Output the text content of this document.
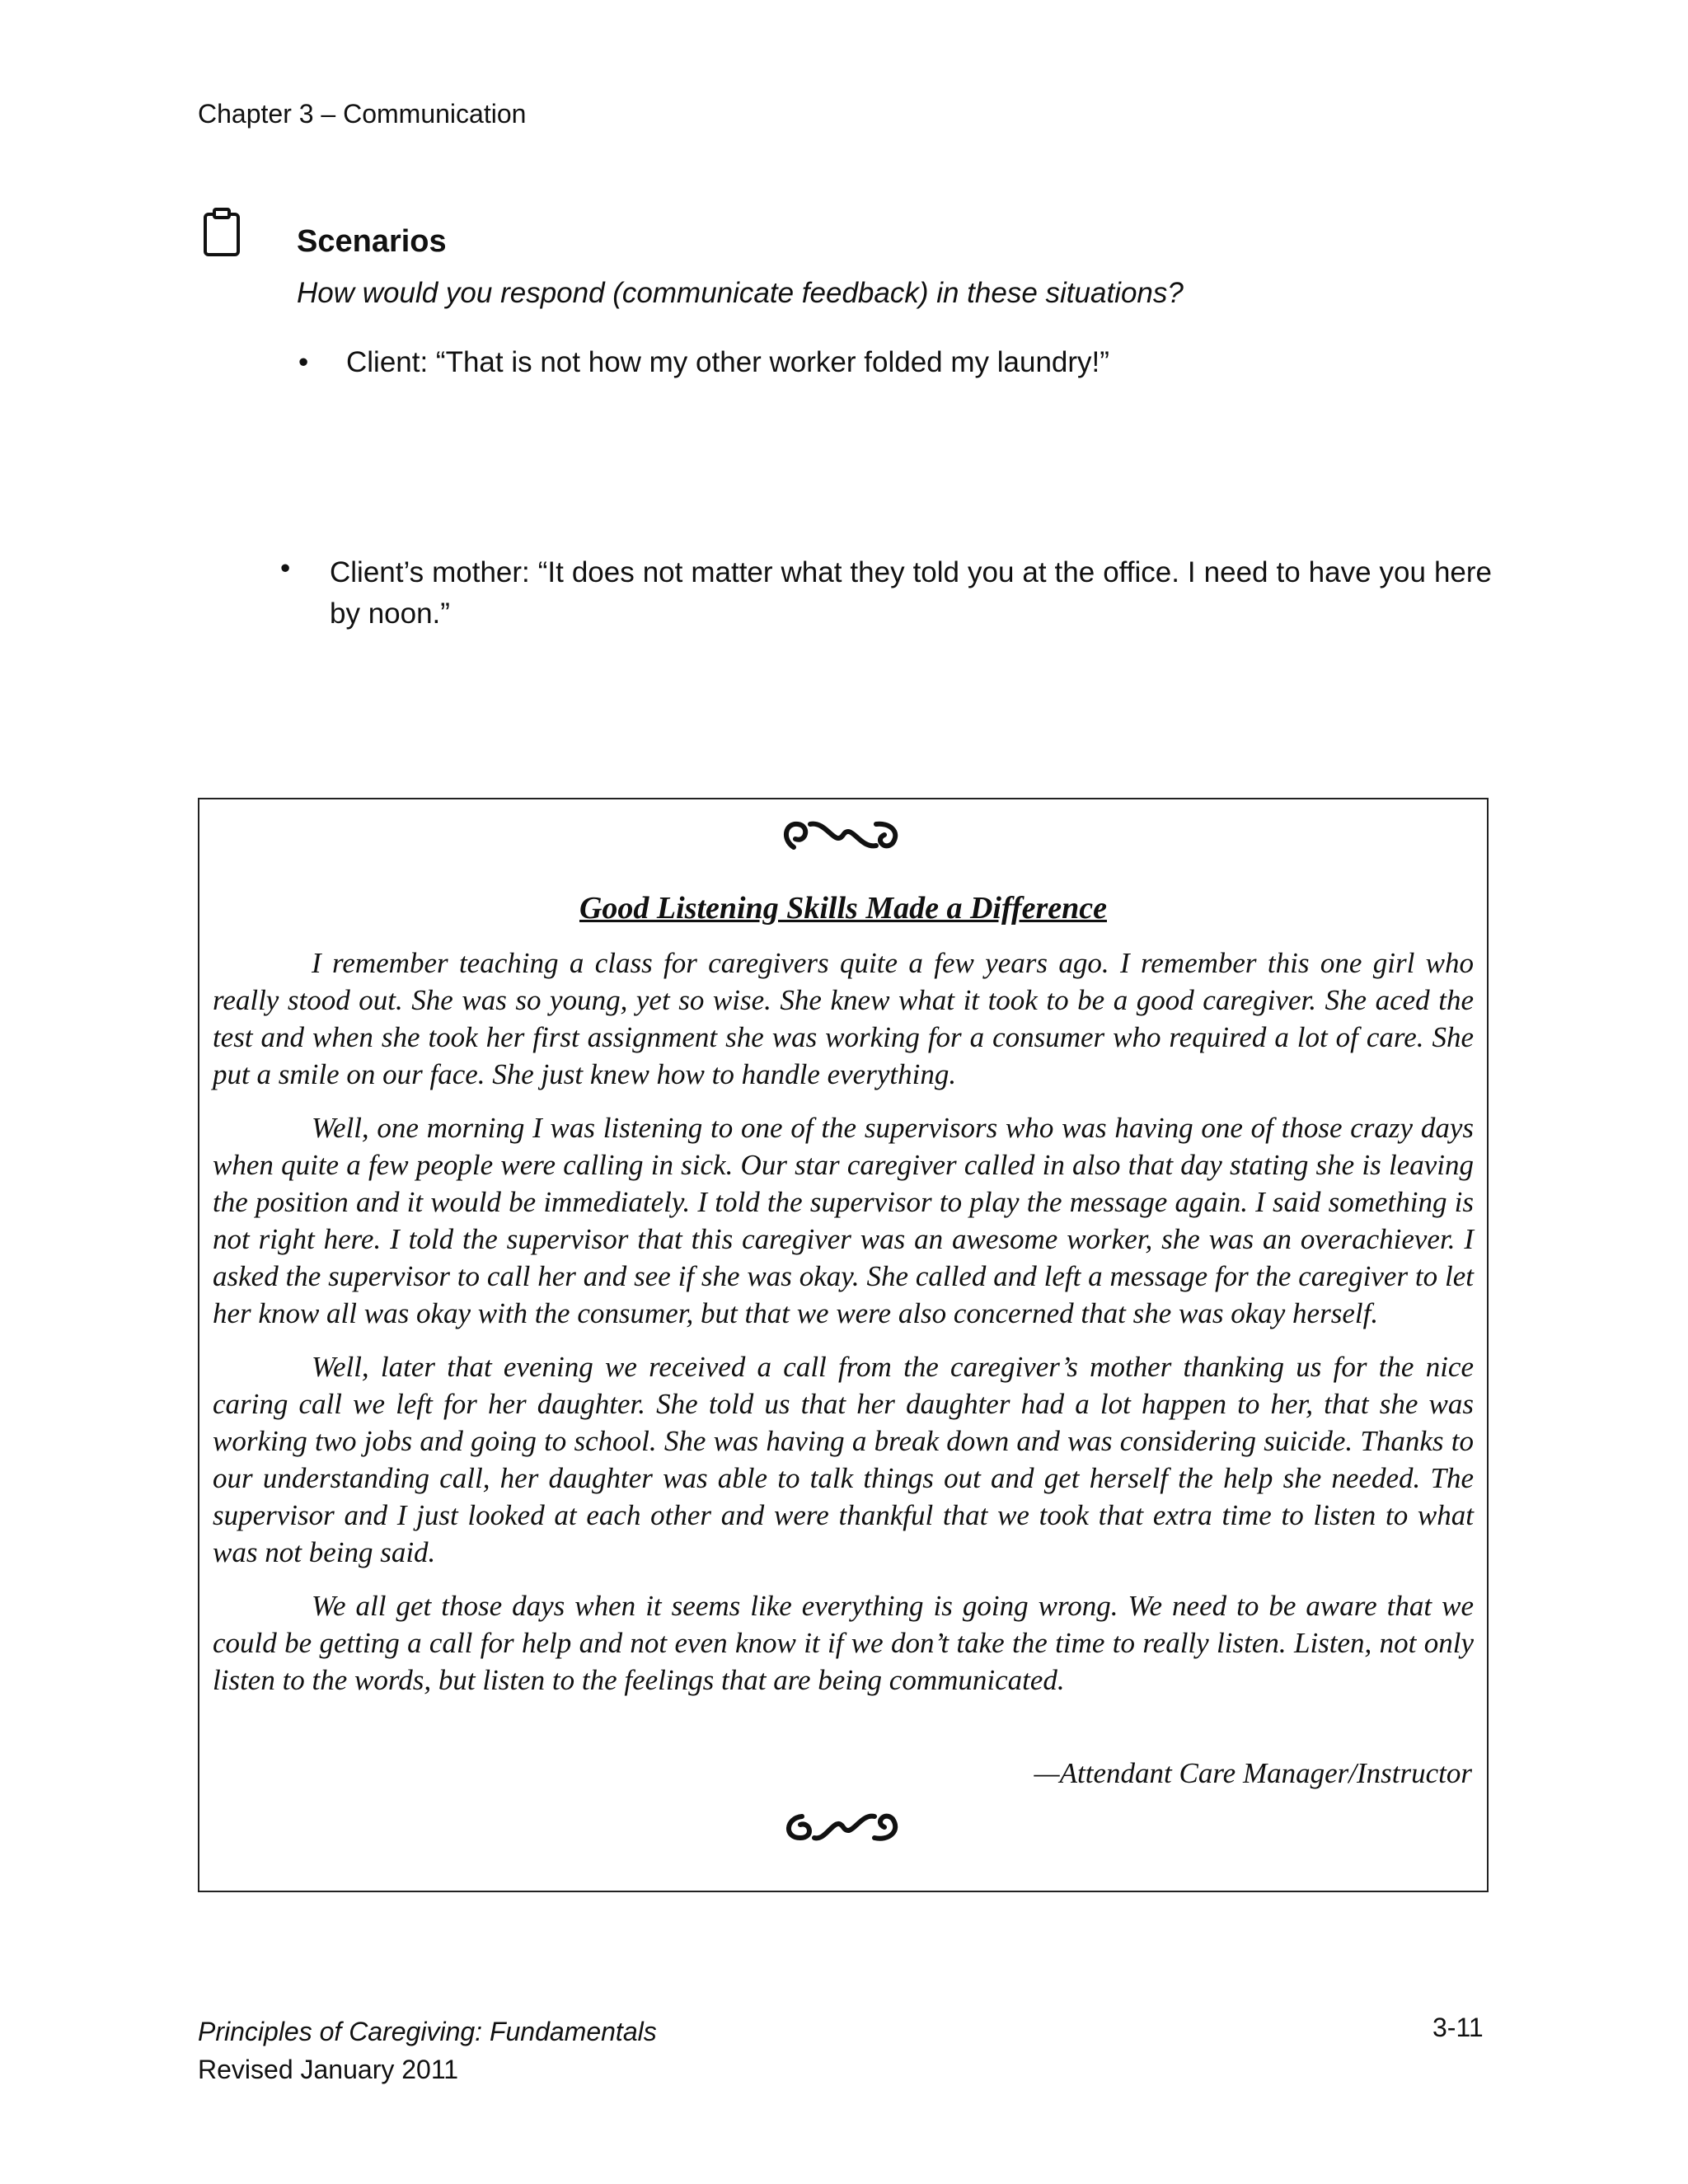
Chapter 3 – Communication
Scenarios
How would you respond (communicate feedback) in these situations?
• Client: “That is not how my other worker folded my laundry!”
• Client’s mother: “It does not matter what they told you at the office. I need to have you here by noon.”
Good Listening Skills Made a Difference

I remember teaching a class for caregivers quite a few years ago. I remember this one girl who really stood out. She was so young, yet so wise. She knew what it took to be a good caregiver. She aced the test and when she took her first assignment she was working for a consumer who required a lot of care. She put a smile on our face. She just knew how to handle everything.

Well, one morning I was listening to one of the supervisors who was having one of those crazy days when quite a few people were calling in sick. Our star caregiver called in also that day stating she is leaving the position and it would be immediately. I told the supervisor to play the message again. I said something is not right here. I told the supervisor that this caregiver was an awesome worker, she was an overachiever. I asked the supervisor to call her and see if she was okay. She called and left a message for the caregiver to let her know all was okay with the consumer, but that we were also concerned that she was okay herself.

Well, later that evening we received a call from the caregiver’s mother thanking us for the nice caring call we left for her daughter. She told us that her daughter had a lot happen to her, that she was working two jobs and going to school. She was having a break down and was considering suicide. Thanks to our understanding call, her daughter was able to talk things out and get herself the help she needed. The supervisor and I just looked at each other and were thankful that we took that extra time to listen to what was not being said.

We all get those days when it seems like everything is going wrong. We need to be aware that we could be getting a call for help and not even know it if we don’t take the time to really listen. Listen, not only listen to the words, but listen to the feelings that are being communicated.

—Attendant Care Manager/Instructor
Principles of Caregiving: Fundamentals
Revised January 2011
3-11
